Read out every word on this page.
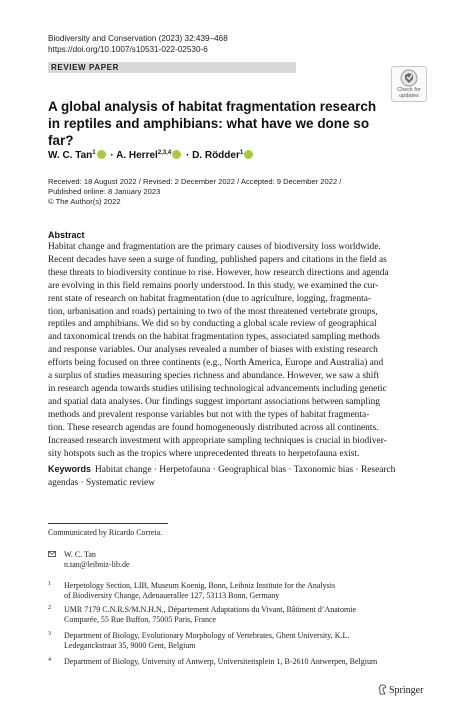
Biodiversity and Conservation (2023) 32:439–468
https://doi.org/10.1007/s10531-022-02530-6
REVIEW PAPER
Check for
updates
A global analysis of habitat fragmentation research in reptiles and amphibians: what have we done so far?
W. C. Tan$^1$ · A. Herrel$^{2,3,4}$ · D. Rödder$^1$
Received: 18 August 2022 / Revised: 2 December 2022 / Accepted: 9 December 2022 /
Published online: 8 January 2023
© The Author(s) 2022
Abstract
Habitat change and fragmentation are the primary causes of biodiversity loss worldwide.
Recent decades have seen a surge of funding, published papers and citations in the field as
these threats to biodiversity continue to rise. However, how research directions and agenda
are evolving in this field remains poorly understood. In this study, we examined the cur-
rent state of research on habitat fragmentation (due to agriculture, logging, fragmenta-
tion, urbanisation and roads) pertaining to two of the most threatened vertebrate groups,
reptiles and amphibians. We did so by conducting a global scale review of geographical
and taxonomical trends on the habitat fragmentation types, associated sampling methods
and response variables. Our analyses revealed a number of biases with existing research
efforts being focused on three continents (e.g., North America, Europe and Australia) and
a surplus of studies measuring species richness and abundance. However, we saw a shift
in research agenda towards studies utilising technological advancements including genetic
and spatial data analyses. Our findings suggest important associations between sampling
methods and prevalent response variables but not with the types of habitat fragmenta-
tion. These research agendas are found homogeneously distributed across all continents.
Increased research investment with appropriate sampling techniques is crucial in biodiver-
sity hotspots such as the tropics where unprecedented threats to herpetofauna exist.
Keywords Habitat change · Herpetofauna · Geographical bias · Taxonomic bias · Research
agendas · Systematic review
Communicated by Ricardo Correia.
W. C. Tan
n.tan@leibniz-lib.de
1 Herpetology Section, LIB, Museum Koenig, Bonn, Leibniz Institute for the Analysis
of Biodiversity Change, Adenauerallee 127, 53113 Bonn, Germany
2 UMR 7179 C.N.R.S/M.N.H.N., Département Adaptations du Vivant, Bâtiment d’Anatomie
Comparée, 55 Rue Buffon, 75005 Paris, France
3 Department of Biology, Evolutionary Morphology of Vertebrates, Ghent University, K.L.
Ledeganckstraat 35, 9000 Gent, Belgium
4 Department of Biology, University of Antwerp, Universiteitsplein 1, B-2610 Antwerpen, Belgium
Springer
